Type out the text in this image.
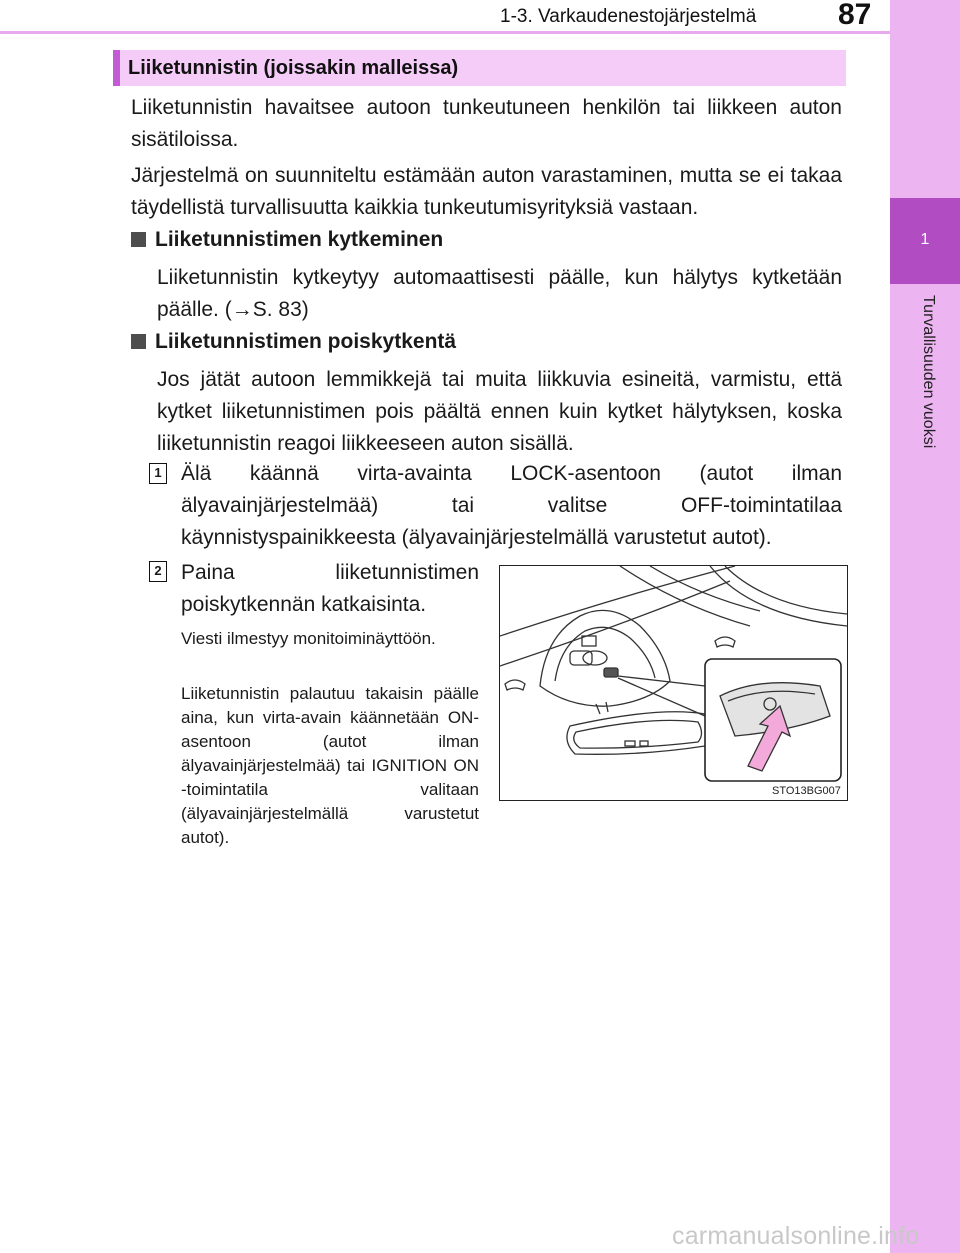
1-3. Varkaudenestojärjestelmä	87
1
Turvallisuuden vuoksi
Liiketunnistin (joissakin malleissa)

Liiketunnistin havaitsee autoon tunkeutuneen henkilön tai liikkeen auton sisätiloissa.

Järjestelmä on suunniteltu estämään auton varastaminen, mutta se ei takaa täydellistä turvallisuutta kaikkia tunkeutumisyrityksiä vastaan.

Liiketunnistimen kytkeminen

Liiketunnistin kytkeytyy automaattisesti päälle, kun hälytys kytketään päälle. (→S. 83)

Liiketunnistimen poiskytkentä

Jos jätät autoon lemmikkejä tai muita liikkuvia esineitä, varmistu, että kytket liiketunnistimen pois päältä ennen kuin kytket hälytyksen, koska liiketunnistin reagoi liikkeeseen auton sisällä.

1 Älä käännä virta-avainta LOCK-asentoon (autot ilman älyavainjärjestelmää) tai valitse OFF-toimintatilaa käynnistyspainikkeesta (älyavainjärjestelmällä varustetut autot).

2 Paina liiketunnistimen poiskytkennän katkaisinta.

Viesti ilmestyy monitoiminäyttöön.

Liiketunnistin palautuu takaisin päälle aina, kun virta-avain käännetään ON-asentoon (autot ilman älyavainjärjestelmää) tai IGNITION ON -toimintatila valitaan (älyavainjärjestelmällä varustetut autot).

STO13BG007
carmanualsonline.info
